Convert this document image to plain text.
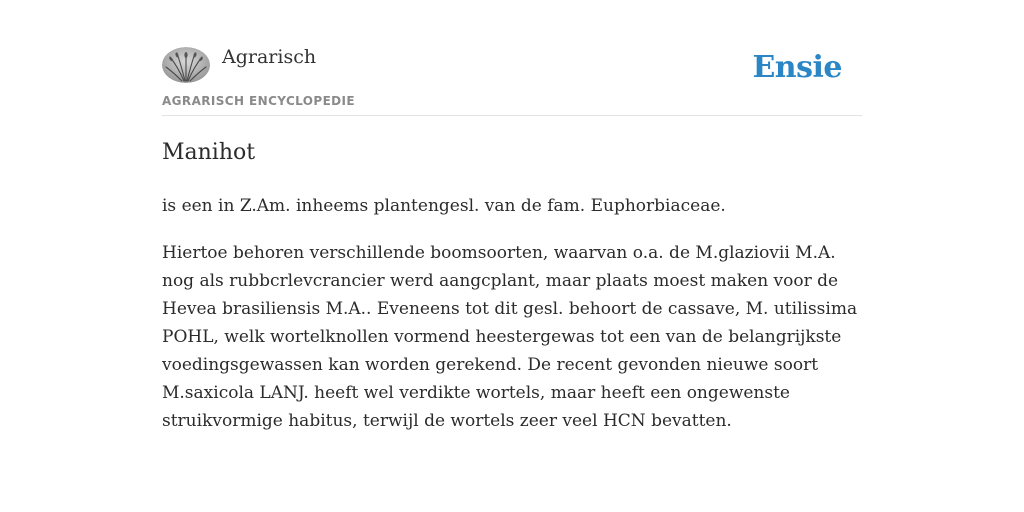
Agrarisch
AGRARISCH ENCYCLOPEDIE
Ensie
Manihot

is een in Z.Am. inheems plantengesl. van de fam. Euphorbiaceae.

Hiertoe behoren verschillende boomsoorten, waarvan o.a. de M.glaziovii M.A. nog als rubbcrlevcrancier werd aangcplant, maar plaats moest maken voor de Hevea brasiliensis M.A.. Eveneens tot dit gesl. behoort de cassave, M. utilissima POHL, welk wortelknollen vormend heestergewas tot een van de belangrijkste voedingsgewassen kan worden gerekend. De recent gevonden nieuwe soort M.saxicola LANJ. heeft wel verdikte wortels, maar heeft een ongewenste struikvormige habitus, terwijl de wortels zeer veel HCN bevatten.
